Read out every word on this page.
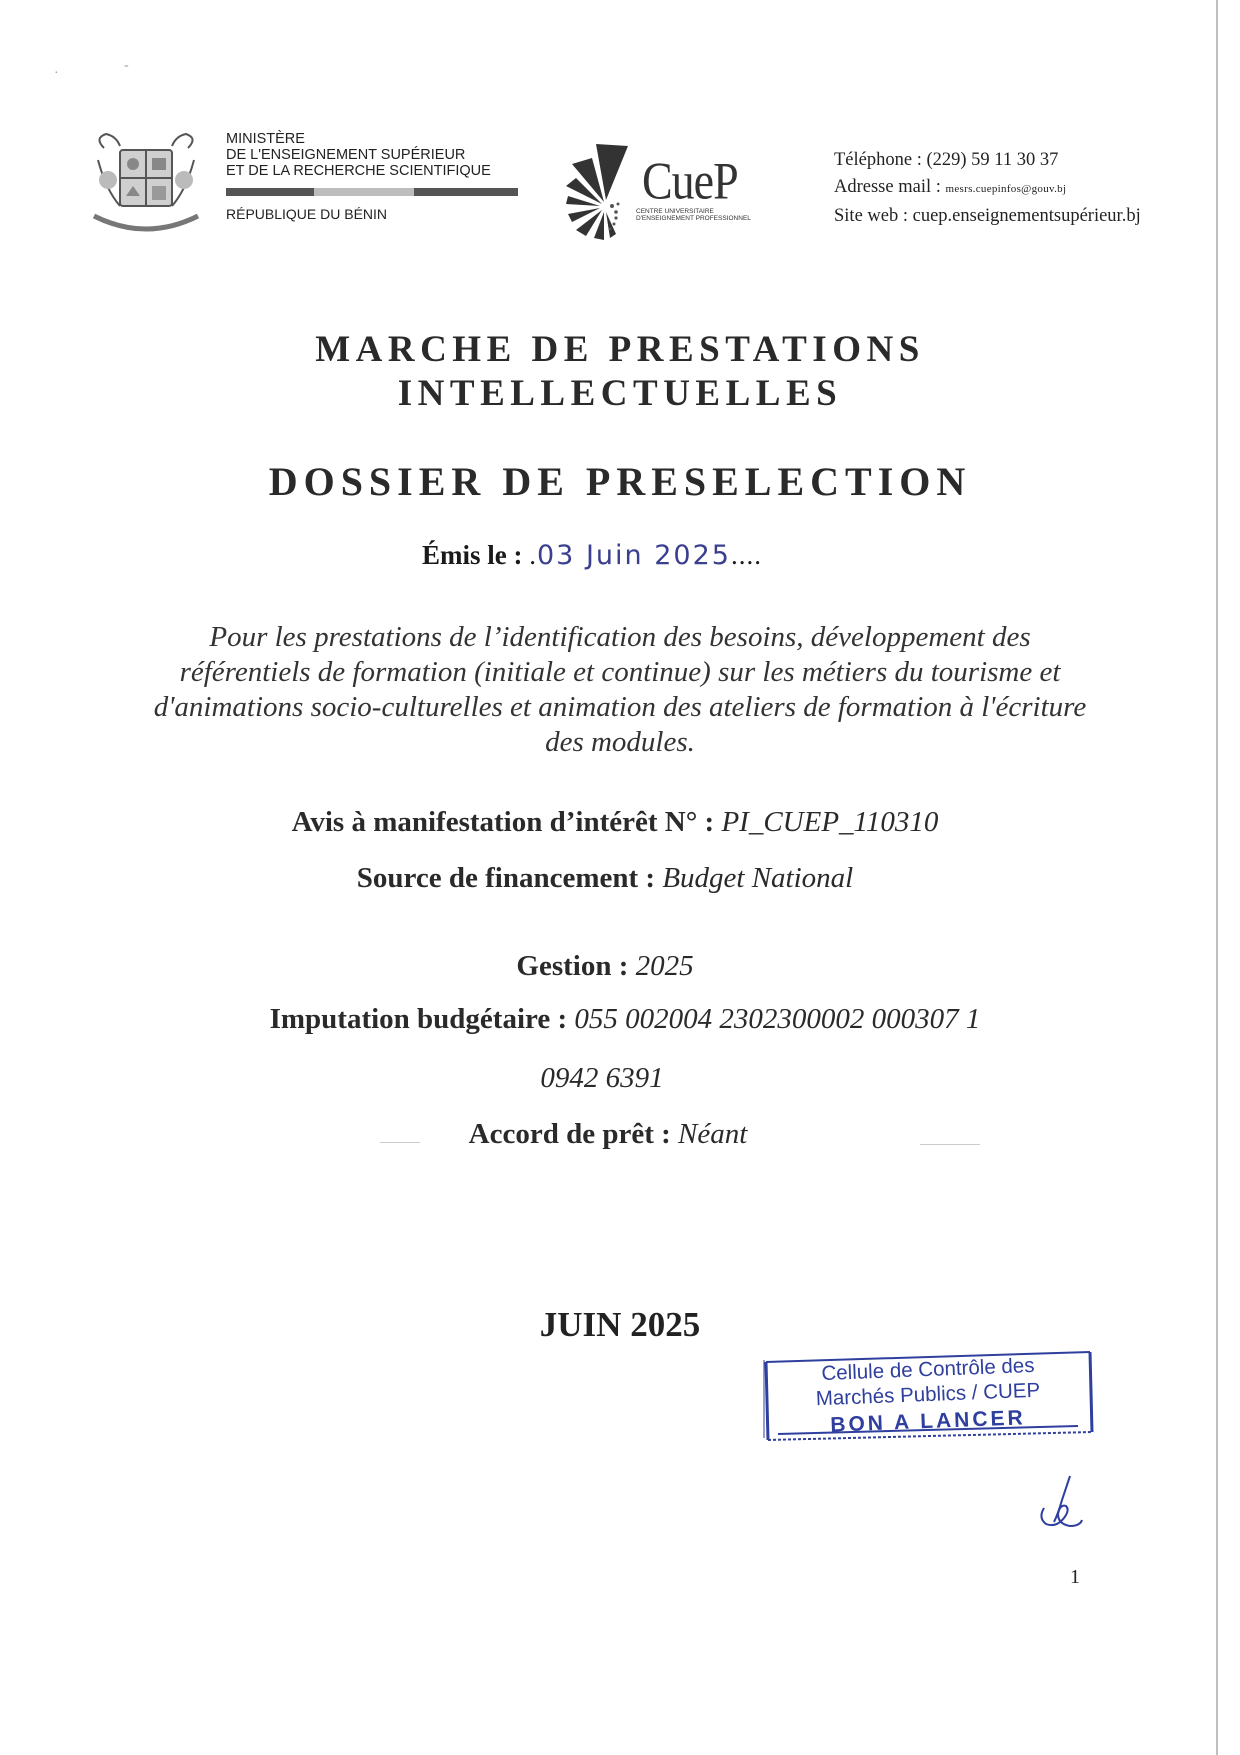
·
-
MINISTÈRE
DE L'ENSEIGNEMENT SUPÉRIEUR
ET DE LA RECHERCHE SCIENTIFIQUE
RÉPUBLIQUE DU BÉNIN
CueP
CENTRE UNIVERSITAIRE
D'ENSEIGNEMENT PROFESSIONNEL
Téléphone : (229) 59 11 30 37
Adresse mail : mesrs.cuepinfos@gouv.bj
Site web : cuep.enseignementsupérieur.bj
MARCHE DE PRESTATIONS
INTELLECTUELLES
DOSSIER DE PRESELECTION
Émis le : .03 Juin 2025....
Pour les prestations de l’identification des besoins, développement des référentiels de formation (initiale et continue) sur les métiers du tourisme et d'animations socio-culturelles et animation des ateliers de formation à l'écriture des modules.
Avis à manifestation d’intérêt N° : PI_CUEP_110310
Source de financement : Budget National
Gestion : 2025
Imputation budgétaire : 055 002004 2302300002 000307 1
0942 6391
Accord de prêt : Néant
JUIN 2025
Cellule de Contrôle des
Marchés Publics / CUEP
BON A LANCER
1
